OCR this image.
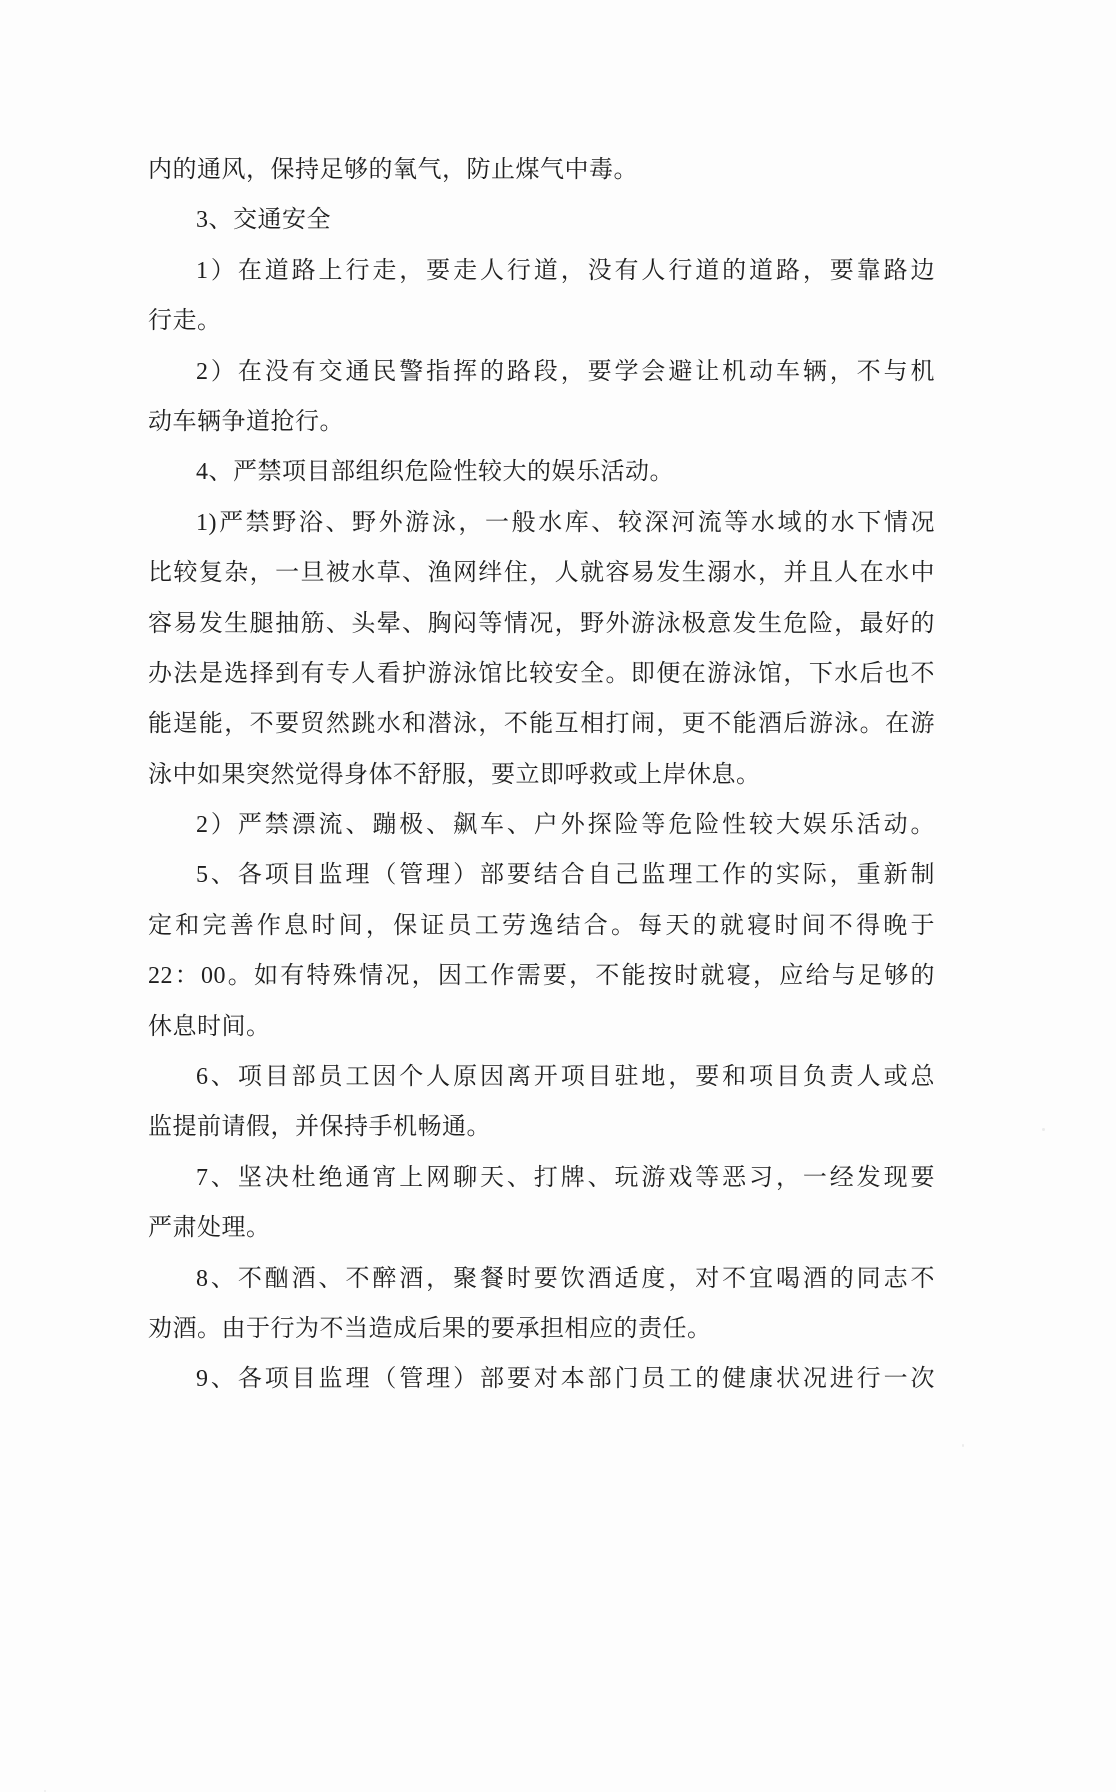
内的通风，保持足够的氧气，防止煤气中毒。
3、交通安全
1）在道路上行走，要走人行道，没有人行道的道路，要靠路边
行走。
2）在没有交通民警指挥的路段，要学会避让机动车辆，不与机
动车辆争道抢行。
4、严禁项目部组织危险性较大的娱乐活动。
1)严禁野浴、野外游泳，一般水库、较深河流等水域的水下情况
比较复杂，一旦被水草、渔网绊住，人就容易发生溺水，并且人在水中
容易发生腿抽筋、头晕、胸闷等情况，野外游泳极意发生危险，最好的
办法是选择到有专人看护游泳馆比较安全。即便在游泳馆，下水后也不
能逞能，不要贸然跳水和潜泳，不能互相打闹，更不能酒后游泳。在游
泳中如果突然觉得身体不舒服，要立即呼救或上岸休息。
2）严禁漂流、蹦极、飙车、户外探险等危险性较大娱乐活动。
5、各项目监理（管理）部要结合自己监理工作的实际，重新制
定和完善作息时间，保证员工劳逸结合。每天的就寝时间不得晚于
22：00。如有特殊情况，因工作需要，不能按时就寝，应给与足够的
休息时间。
6、项目部员工因个人原因离开项目驻地，要和项目负责人或总
监提前请假，并保持手机畅通。
7、坚决杜绝通宵上网聊天、打牌、玩游戏等恶习，一经发现要
严肃处理。
8、不酗酒、不醉酒，聚餐时要饮酒适度，对不宜喝酒的同志不
劝酒。由于行为不当造成后果的要承担相应的责任。
9、各项目监理（管理）部要对本部门员工的健康状况进行一次
